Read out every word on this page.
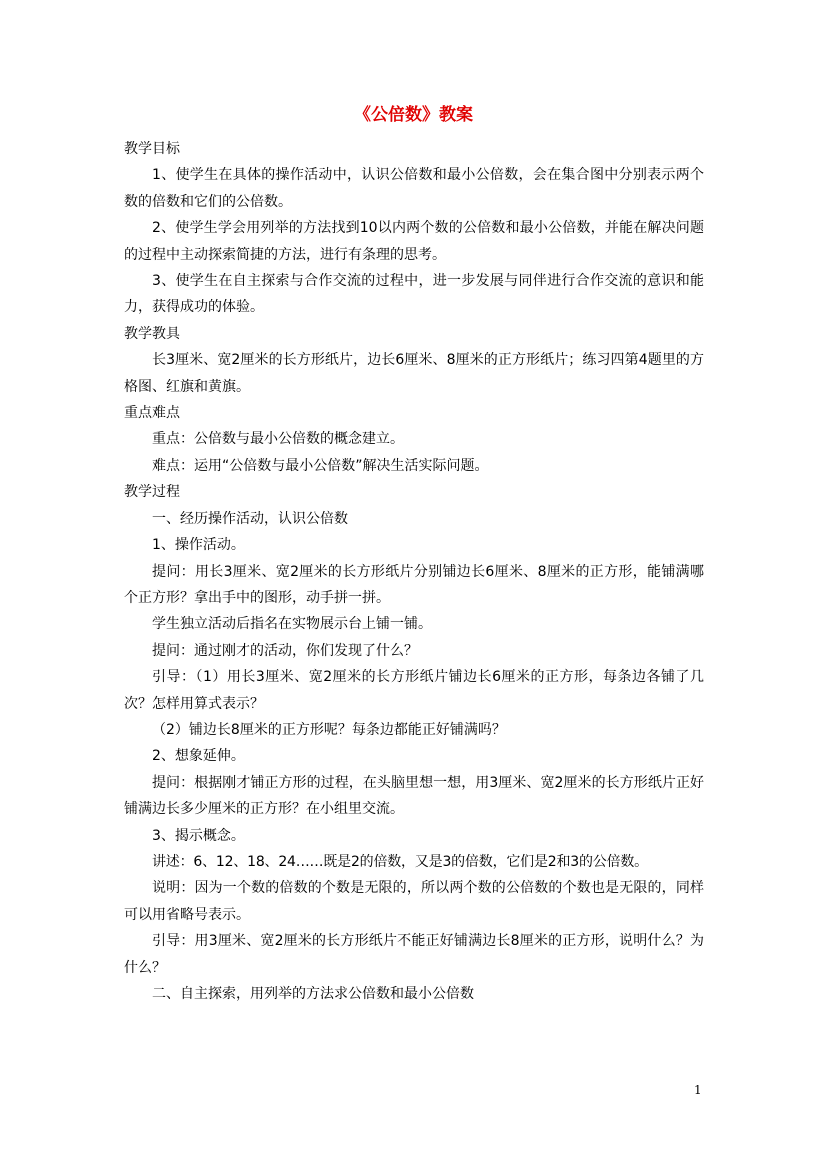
《公倍数》教案

教学目标

1、使学生在具体的操作活动中，认识公倍数和最小公倍数，会在集合图中分别表示两个数的倍数和它们的公倍数。

2、使学生学会用列举的方法找到10以内两个数的公倍数和最小公倍数，并能在解决问题的过程中主动探索简捷的方法，进行有条理的思考。

3、使学生在自主探索与合作交流的过程中，进一步发展与同伴进行合作交流的意识和能力，获得成功的体验。

教学教具

长3厘米、宽2厘米的长方形纸片，边长6厘米、8厘米的正方形纸片；练习四第4题里的方格图、红旗和黄旗。

重点难点

重点：公倍数与最小公倍数的概念建立。

难点：运用“公倍数与最小公倍数”解决生活实际问题。

教学过程

一、经历操作活动，认识公倍数

1、操作活动。

提问：用长3厘米、宽2厘米的长方形纸片分别铺边长6厘米、8厘米的正方形，能铺满哪个正方形？拿出手中的图形，动手拼一拼。

学生独立活动后指名在实物展示台上铺一铺。

提问：通过刚才的活动，你们发现了什么？

引导：（1）用长3厘米、宽2厘米的长方形纸片铺边长6厘米的正方形，每条边各铺了几次？怎样用算式表示？

（2）铺边长8厘米的正方形呢？每条边都能正好铺满吗？

2、想象延伸。

提问：根据刚才铺正方形的过程，在头脑里想一想，用3厘米、宽2厘米的长方形纸片正好铺满边长多少厘米的正方形？在小组里交流。

3、揭示概念。

讲述：6、12、18、24……既是2的倍数，又是3的倍数，它们是2和3的公倍数。

说明：因为一个数的倍数的个数是无限的，所以两个数的公倍数的个数也是无限的，同样可以用省略号表示。

引导：用3厘米、宽2厘米的长方形纸片不能正好铺满边长8厘米的正方形，说明什么？为什么？

二、自主探索，用列举的方法求公倍数和最小公倍数

1
